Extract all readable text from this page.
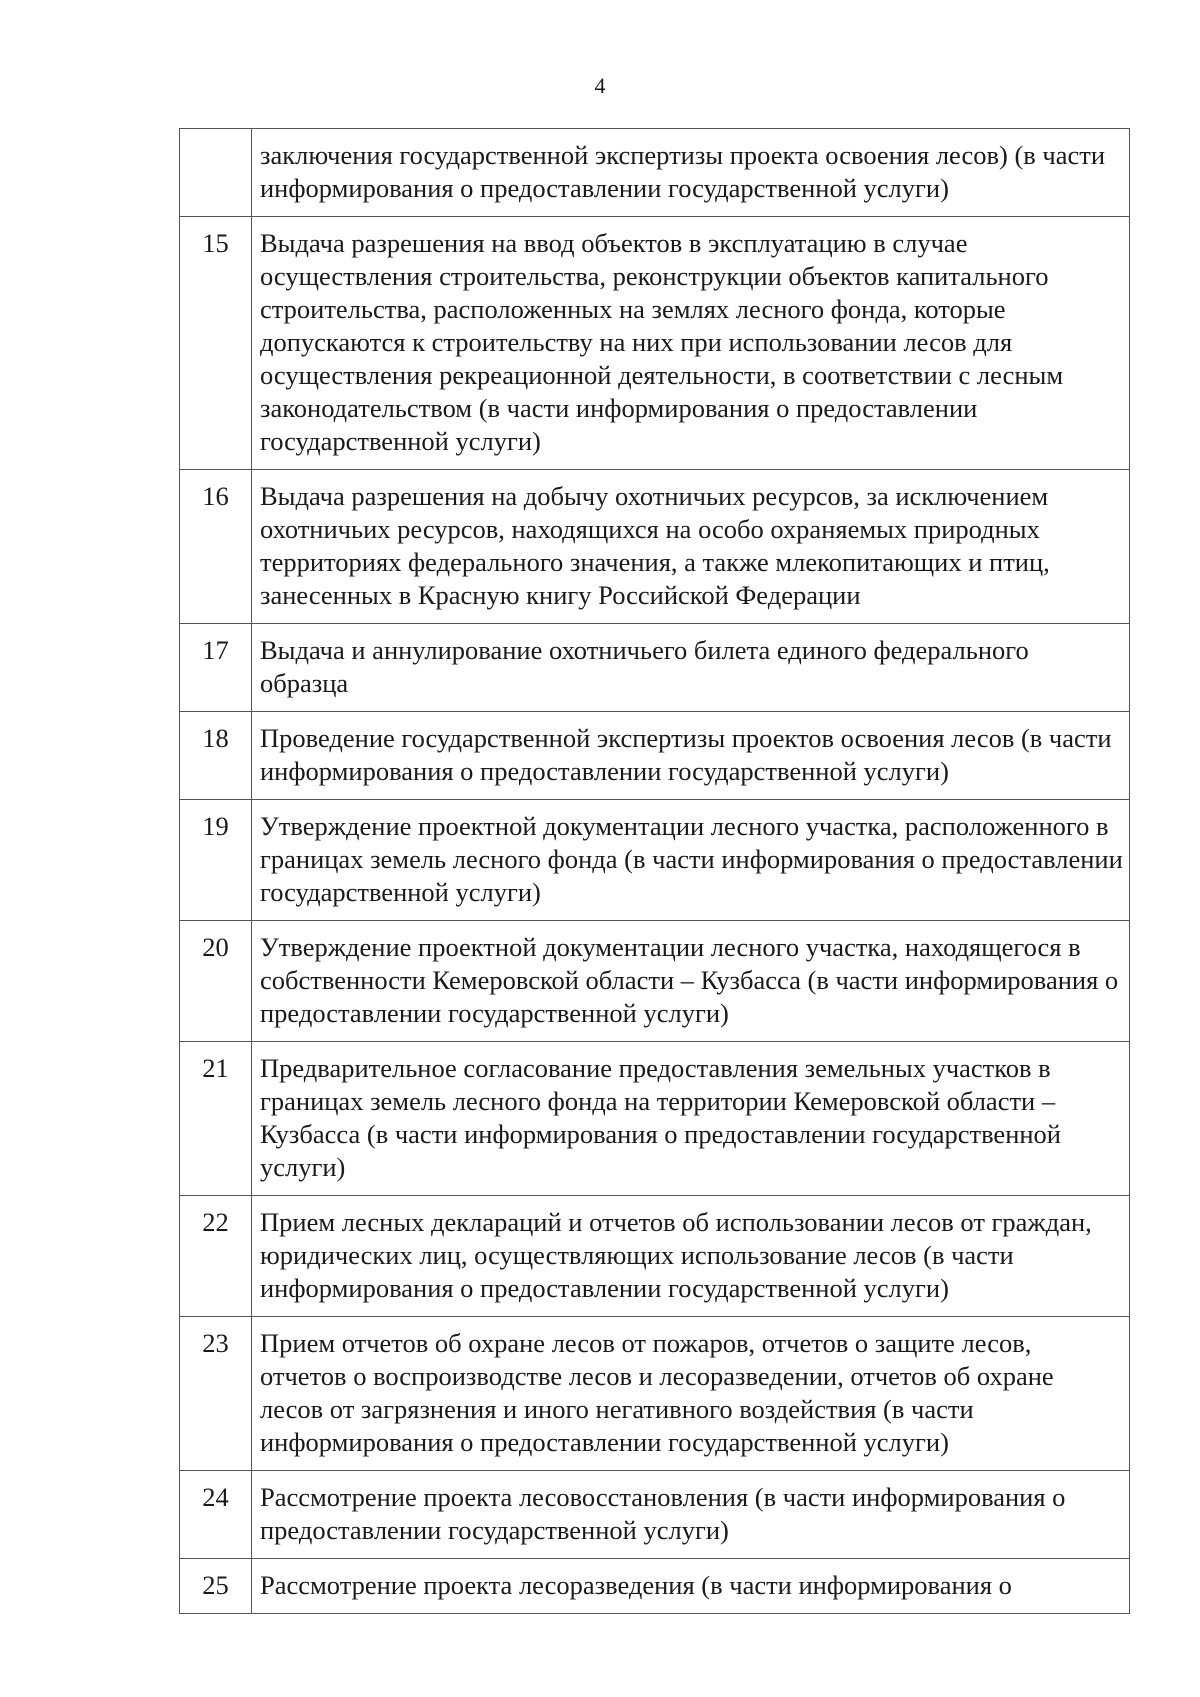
4
	заключения государственной экспертизы проекта освоения лесов) (в части информирования о предоставлении государственной услуги)
15	Выдача разрешения на ввод объектов в эксплуатацию в случае осуществления строительства, реконструкции объектов капитального строительства, расположенных на землях лесного фонда, которые допускаются к строительству на них при использовании лесов для осуществления рекреационной деятельности, в соответствии с лесным законодательством (в части информирования о предоставлении государственной услуги)
16	Выдача разрешения на добычу охотничьих ресурсов, за исключением охотничьих ресурсов, находящихся на особо охраняемых природных территориях федерального значения, а также млекопитающих и птиц, занесенных в Красную книгу Российской Федерации
17	Выдача и аннулирование охотничьего билета единого федерального образца
18	Проведение государственной экспертизы проектов освоения лесов (в части информирования о предоставлении государственной услуги)
19	Утверждение проектной документации лесного участка, расположенного в границах земель лесного фонда (в части информирования о предоставлении государственной услуги)
20	Утверждение проектной документации лесного участка, находящегося в собственности Кемеровской области – Кузбасса (в части информирования о предоставлении государственной услуги)
21	Предварительное согласование предоставления земельных участков в границах земель лесного фонда на территории Кемеровской области – Кузбасса (в части информирования о предоставлении государственной услуги)
22	Прием лесных деклараций и отчетов об использовании лесов от граждан, юридических лиц, осуществляющих использование лесов (в части информирования о предоставлении государственной услуги)
23	Прием отчетов об охране лесов от пожаров, отчетов о защите лесов, отчетов о воспроизводстве лесов и лесоразведении, отчетов об охране лесов от загрязнения и иного негативного воздействия (в части информирования о предоставлении государственной услуги)
24	Рассмотрение проекта лесовосстановления (в части информирования о предоставлении государственной услуги)
25	Рассмотрение проекта лесоразведения (в части информирования о
